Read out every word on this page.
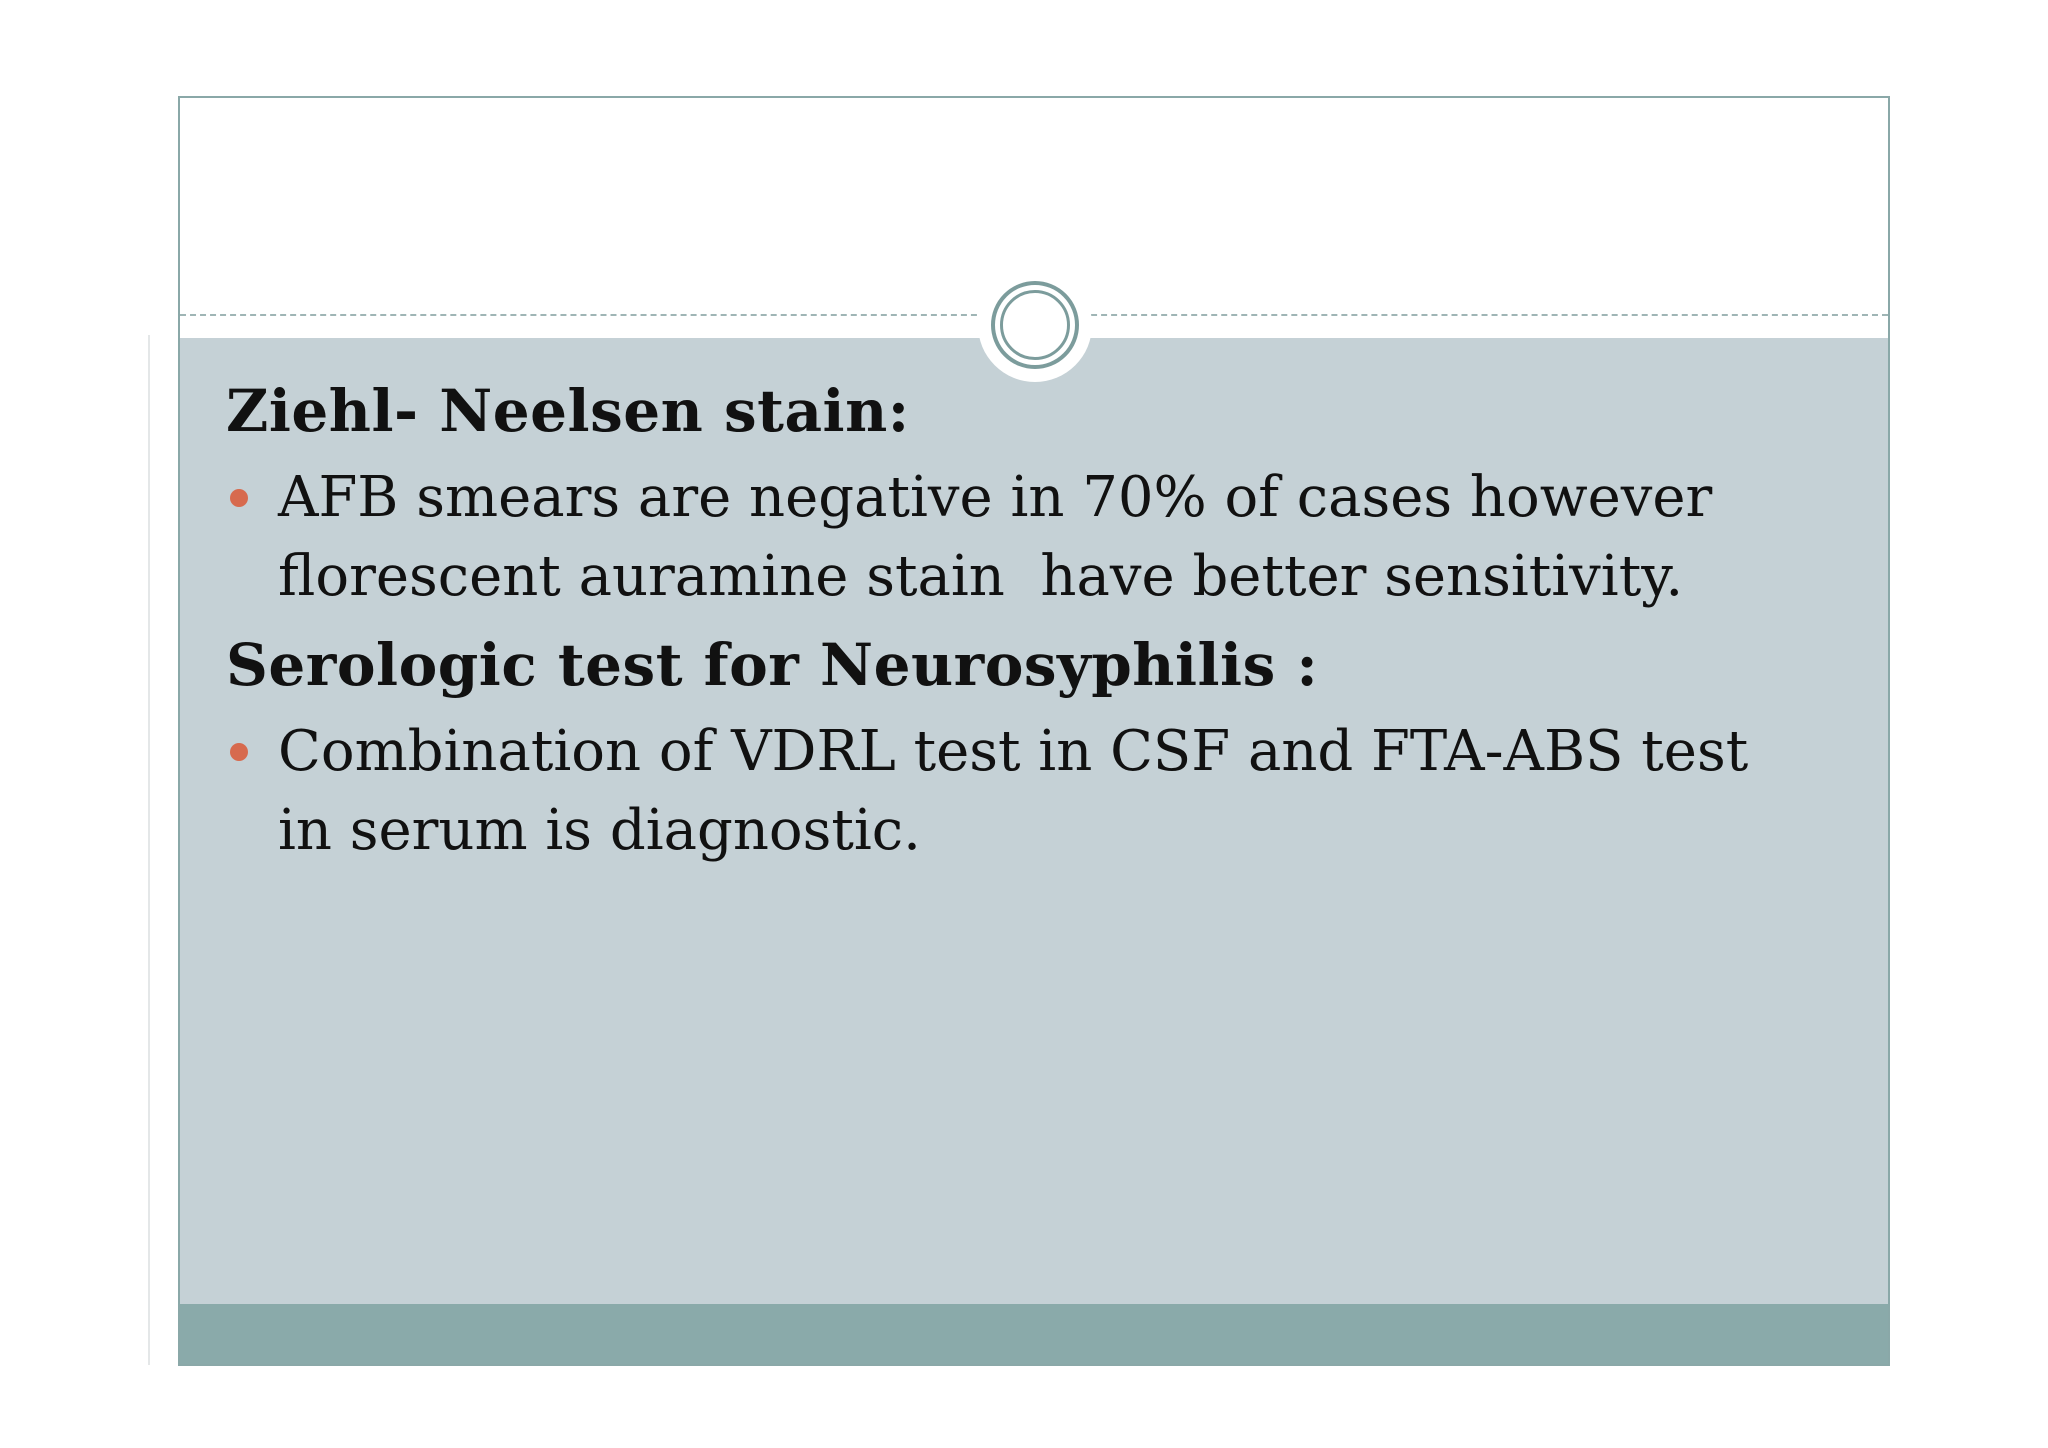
Ziehl- Neelsen stain:
AFB smears are negative in 70% of cases however
florescent auramine stain  have better sensitivity.
Serologic test for Neurosyphilis :
Combination of VDRL test in CSF and FTA-ABS test
in serum is diagnostic.
